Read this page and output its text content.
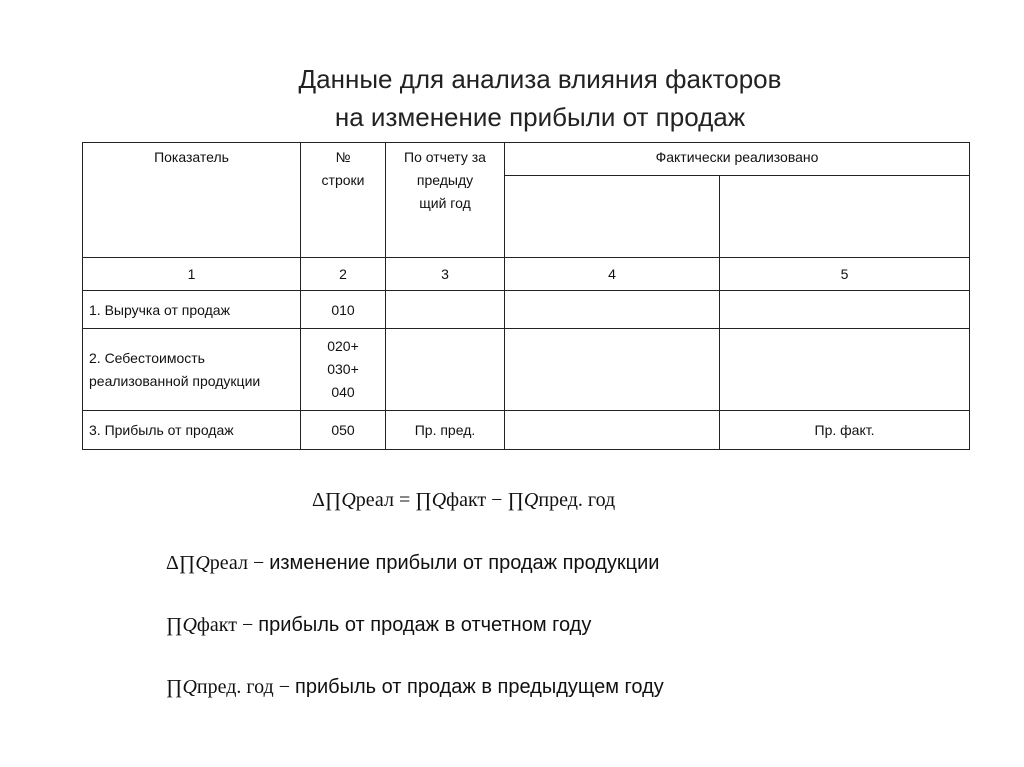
Данные для анализа влияния факторов
на изменение прибыли от продаж
Показатель	№ строки	По отчету за предыду щий год	Фактически реализовано	

1	2	3	4	5
1. Выручка от продаж	010			
2. Себестоимость реализованной продукции	020+ 030+ 040			
3. Прибыль от продаж	050	Пр. пред.		Пр. факт.
Δ∏Qреал = ∏Qфакт − ∏Qпред. год
Δ∏Qреал − изменение прибыли от продаж продукции
∏Qфакт − прибыль от продаж в отчетном году
∏Qпред. год − прибыль от продаж в предыдущем году
